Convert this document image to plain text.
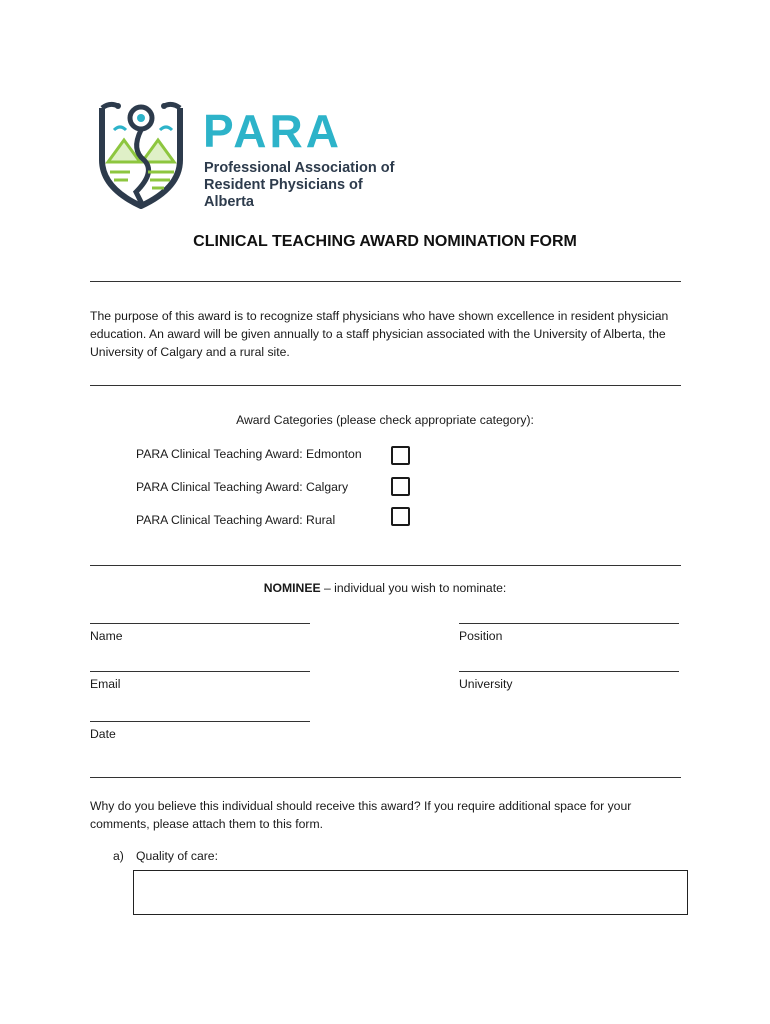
PARA
Professional Association of
Resident Physicians of Alberta
CLINICAL TEACHING AWARD NOMINATION FORM
The purpose of this award is to recognize staff physicians who have shown excellence in resident physician education. An award will be given annually to a staff physician associated with the University of Alberta, the University of Calgary and a rural site.
Award Categories (please check appropriate category):
PARA Clinical Teaching Award: Edmonton
PARA Clinical Teaching Award: Calgary
PARA Clinical Teaching Award: Rural
NOMINEE – individual you wish to nominate:
Name	Position
Email	University
Date
Why do you believe this individual should receive this award? If you require additional space for your comments, please attach them to this form.
a) Quality of care:
